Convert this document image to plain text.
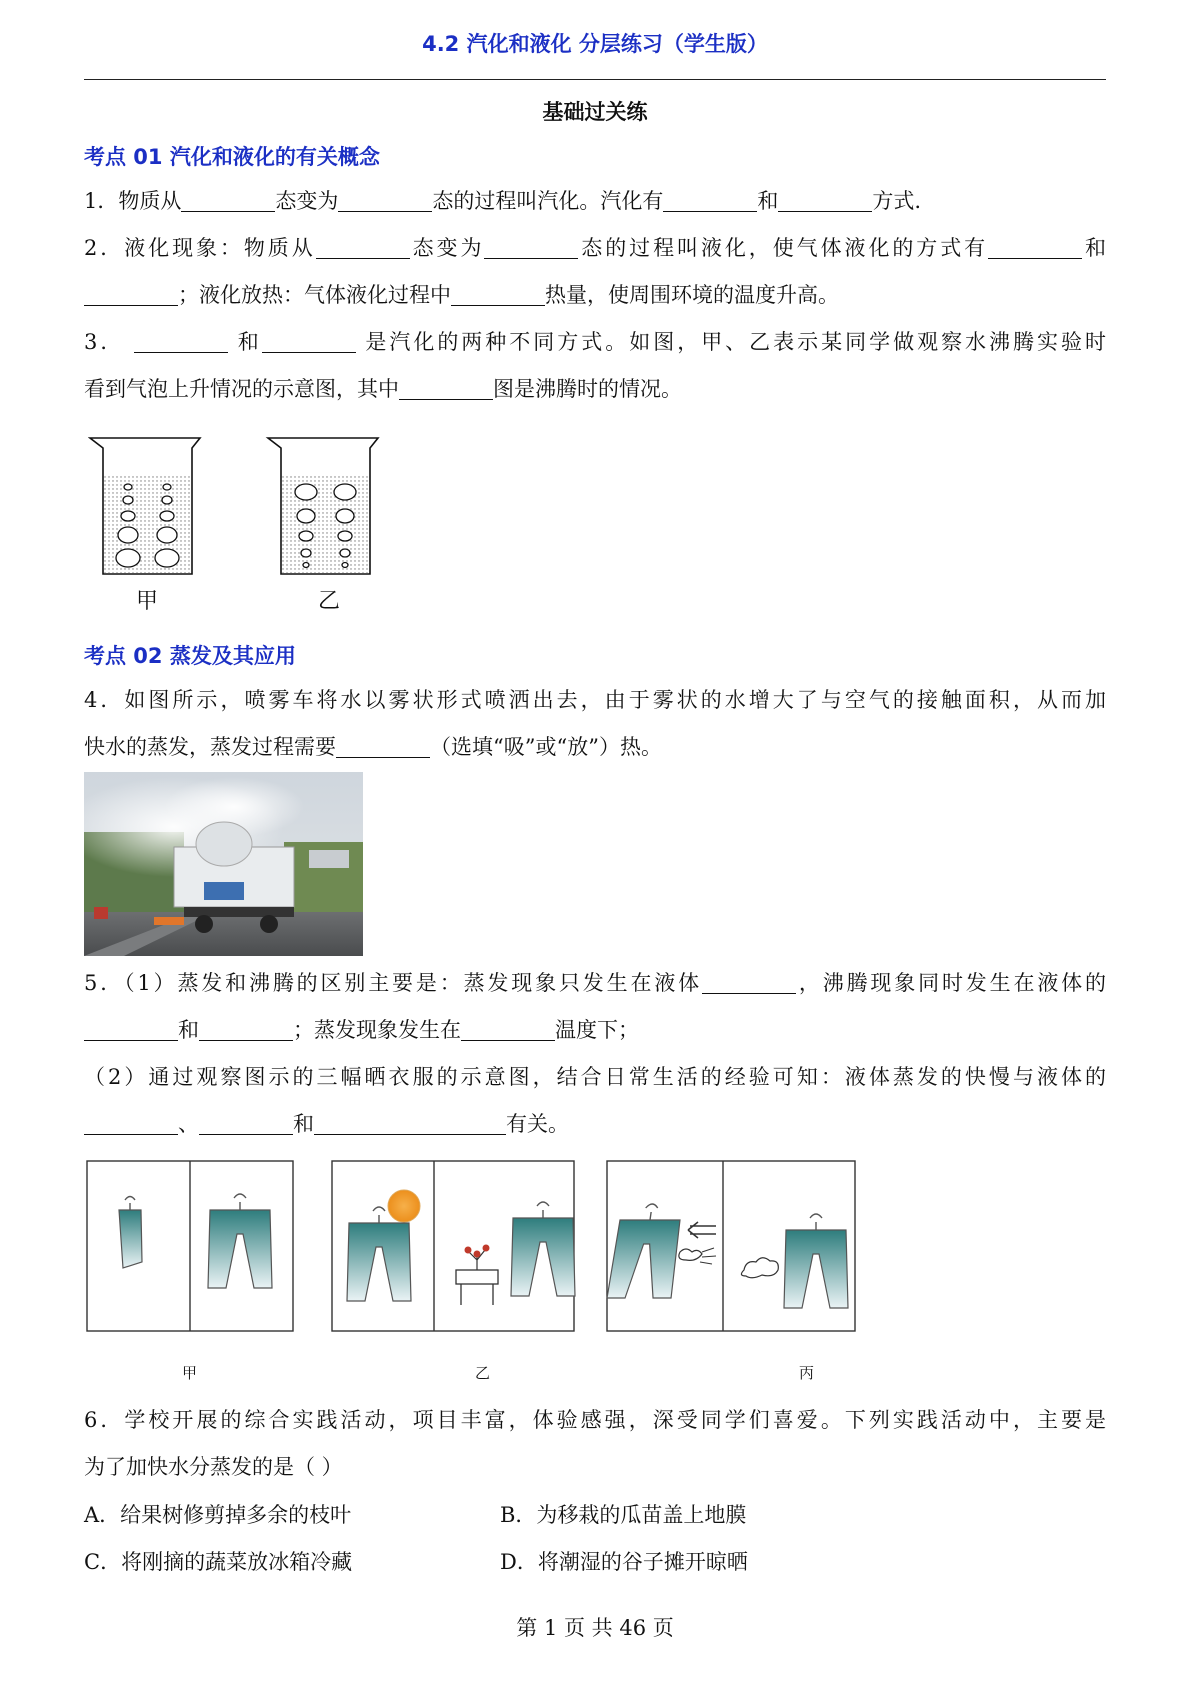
4.2 汽化和液化 分层练习（学生版）
基础过关练
考点 01 汽化和液化的有关概念
1．物质从	态变为	态的过程叫汽化。汽化有	和	方式.
2．液化现象：物质从	态变为	态的过程叫液化，使气体液化的方式有	和
；液化放热：气体液化过程中	热量，使周围环境的温度升高。
3．	和	是汽化的两种不同方式。如图，甲、乙表示某同学做观察水沸腾实验时
看到气泡上升情况的示意图，其中	图是沸腾时的情况。
甲	乙
考点 02 蒸发及其应用
4．如图所示，喷雾车将水以雾状形式喷洒出去，由于雾状的水增大了与空气的接触面积，从而加
快水的蒸发，蒸发过程需要	（选填“吸”或“放”）热。
5．（1）蒸发和沸腾的区别主要是：蒸发现象只发生在液体	，沸腾现象同时发生在液体的
和	；蒸发现象发生在	温度下；
（2）通过观察图示的三幅晒衣服的示意图，结合日常生活的经验可知：液体蒸发的快慢与液体的
、	和	有关。
甲	乙	丙
6．学校开展的综合实践活动，项目丰富，体验感强，深受同学们喜爱。下列实践活动中，主要是
为了加快水分蒸发的是（ ）
A．给果树修剪掉多余的枝叶	B．为移栽的瓜苗盖上地膜
C．将刚摘的蔬菜放冰箱冷藏	D．将潮湿的谷子摊开晾晒
第 1 页 共 46 页
